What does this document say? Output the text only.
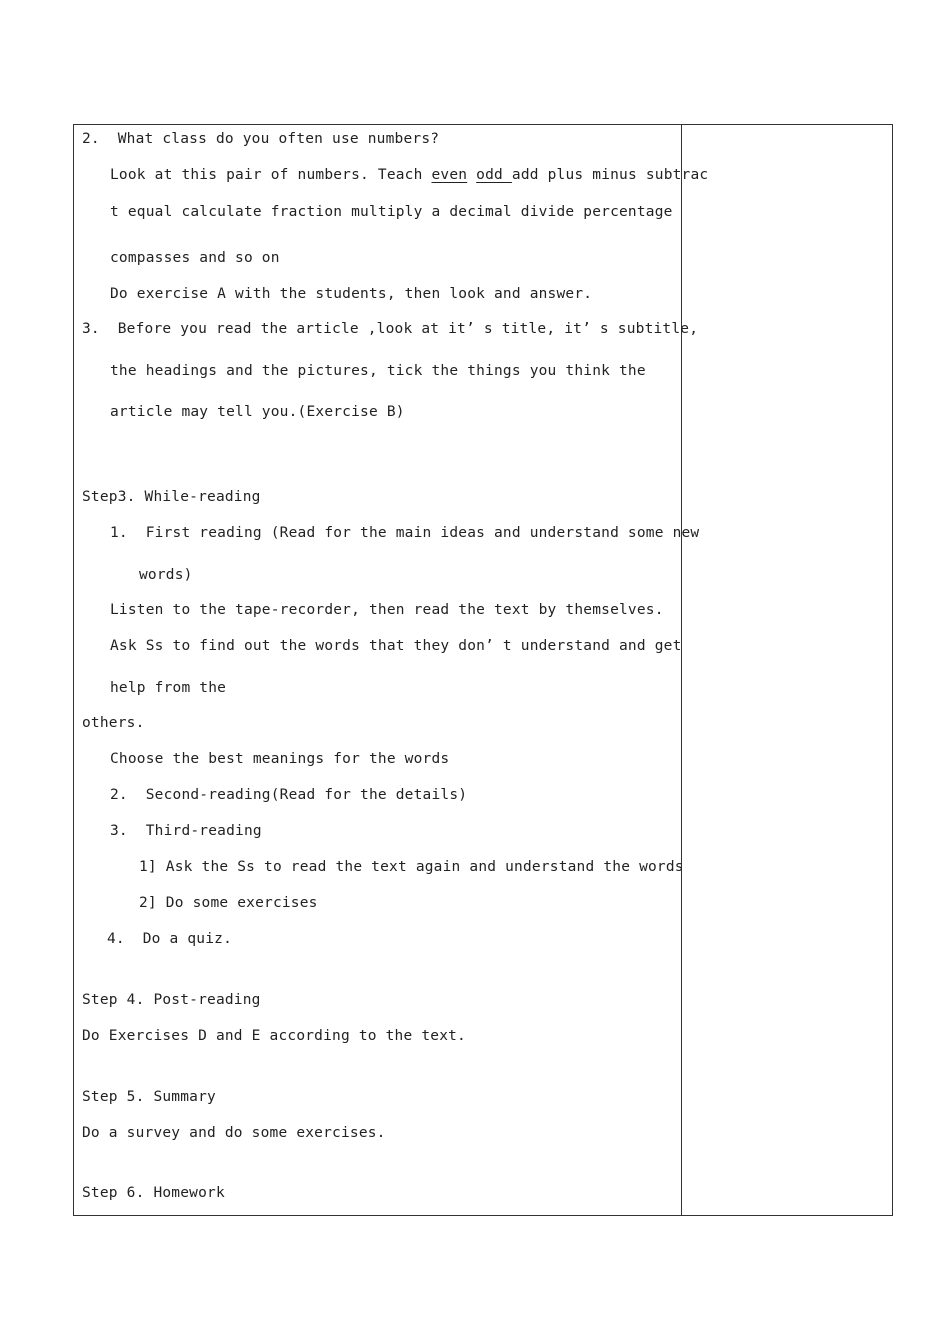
2.  What class do you often use numbers?
Look at this pair of numbers. Teach even odd add plus minus subtrac
t equal calculate fraction multiply a decimal divide percentage
compasses and so on
Do exercise A with the students, then look and answer.
3.  Before you read the article ,look at it’ s title, it’ s subtitle,
the headings and the pictures, tick the things you think the
article may tell you.(Exercise B)
Step3. While-reading
1.  First reading (Read for the main ideas and understand some new
words)
Listen to the tape-recorder, then read the text by themselves.
Ask Ss to find out the words that they don’ t understand and get
help from the
others.
Choose the best meanings for the words
2.  Second-reading(Read for the details)
3.  Third-reading
1] Ask the Ss to read the text again and understand the words
2] Do some exercises
4.  Do a quiz.
Step 4. Post-reading
Do Exercises D and E according to the text.
Step 5. Summary
Do a survey and do some exercises.
Step 6. Homework
